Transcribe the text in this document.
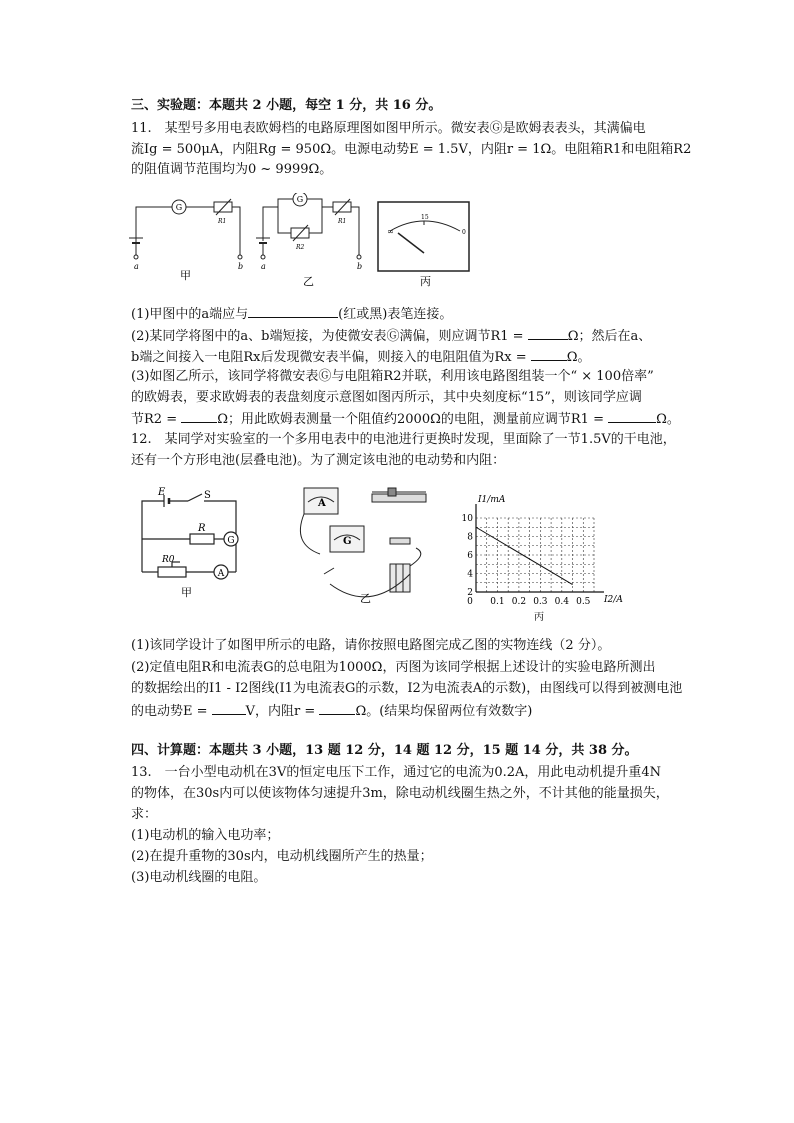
三、实验题：本题共 2 小题，每空 1 分，共 16 分。
11.　某型号多用电表欧姆档的电路原理图如图甲所示。微安表Ⓖ是欧姆表表头，其满偏电
流Ig = 500μA，内阻Rg = 950Ω。电源电动势E = 1.5V，内阻r = 1Ω。电阻箱R1和电阻箱R2
的阻值调节范围均为0 ~ 9999Ω。
G
R1
a	b
甲
G
R2
R1
a	b
乙
∞
15
0
丙
(1)甲图中的a端应与	(红或黑)表笔连接。
(2)某同学将图中的a、b端短接，为使微安表Ⓖ满偏，则应调节R1 =	Ω；然后在a、
b端之间接入一电阻Rx后发现微安表半偏，则接入的电阻阻值为Rx =	Ω。
(3)如图乙所示，该同学将微安表Ⓖ与电阻箱R2并联，利用该电路图组装一个“ × 100倍率”
的欧姆表，要求欧姆表的表盘刻度示意图如图丙所示，其中央刻度标“15”，则该同学应调
节R2 =	Ω；用此欧姆表测量一个阻值约2000Ω的电阻，测量前应调节R1 =	Ω。
12.　某同学对实验室的一个多用电表中的电池进行更换时发现，里面除了一节1.5V的干电池，
还有一个方形电池(层叠电池)。为了测定该电池的电动势和内阻：
E	S
R
G
R0
A
甲
A
G
乙	0 0.1 0.2 0.3 0.4 0.5
2
4
6
8
10
I1/mA
I2/A
丙
(1)该同学设计了如图甲所示的电路，请你按照电路图完成乙图的实物连线（2 分）。
(2)定值电阻R和电流表G的总电阻为1000Ω，丙图为该同学根据上述设计的实验电路所测出
的数据绘出的I1 - I2图线(I1为电流表G的示数，I2为电流表A的示数)，由图线可以得到被测电池
的电动势E =	V，内阻r =	Ω。(结果均保留两位有效数字)
四、计算题：本题共 3 小题，13 题 12 分，14 题 12 分，15 题 14 分，共 38 分。
13.　一台小型电动机在3V的恒定电压下工作，通过它的电流为0.2A，用此电动机提升重4N
的物体，在30s内可以使该物体匀速提升3m，除电动机线圈生热之外，不计其他的能量损失，
求：
(1)电动机的输入电功率；
(2)在提升重物的30s内，电动机线圈所产生的热量；
(3)电动机线圈的电阻。
